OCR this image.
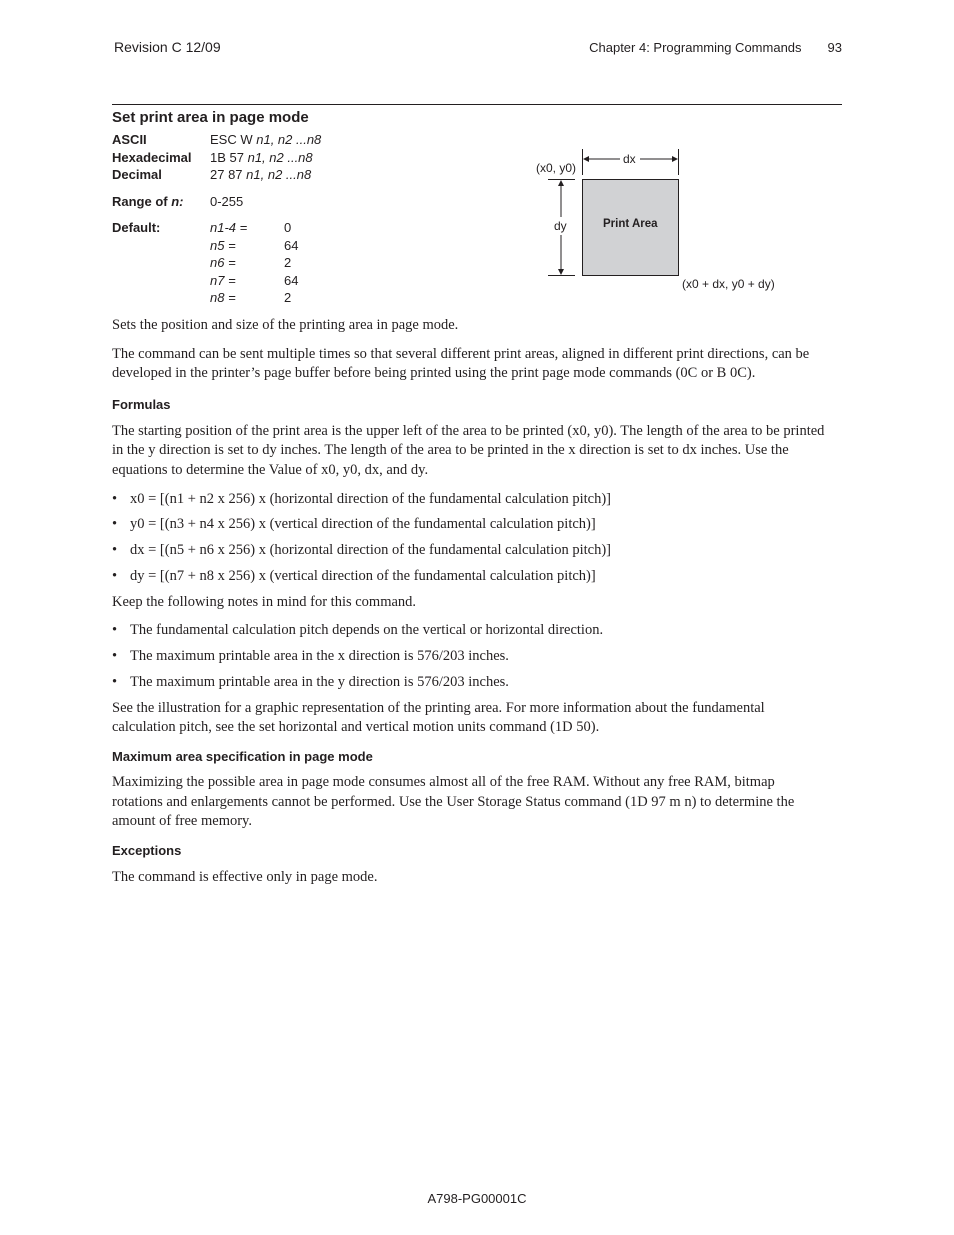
Revision C 12/09	Chapter 4: Programming Commands 93
Set print area in page mode
ASCII	ESC W n1, n2 ...n8
Hexadecimal 1B 57 n1, n2 ...n8
Decimal	27 87 n1, n2 ...n8
Range of n: 0-255
Default:	n1-4 =	0
n5 =	64
n6 =	2
n7 =	64
n8 =	2
(x0, y0)
dx
dy	Print Area
(x0 + dx, y0 + dy)
Sets the position and size of the printing area in page mode.
The command can be sent multiple times so that several different print areas, aligned in different print directions, can be
developed in the printer’s page buffer before being printed using the print page mode commands (0C or B 0C).
Formulas
The starting position of the print area is the upper left of the area to be printed (x0, y0). The length of the area to be printed
in the y direction is set to dy inches. The length of the area to be printed in the x direction is set to dx inches. Use the
equations to determine the Value of x0, y0, dx, and dy.
• x0 = [(n1 + n2 x 256) x (horizontal direction of the fundamental calculation pitch)]
• y0 = [(n3 + n4 x 256) x (vertical direction of the fundamental calculation pitch)]
• dx = [(n5 + n6 x 256) x (horizontal direction of the fundamental calculation pitch)]
• dy = [(n7 + n8 x 256) x (vertical direction of the fundamental calculation pitch)]
Keep the following notes in mind for this command.
• The fundamental calculation pitch depends on the vertical or horizontal direction.
• The maximum printable area in the x direction is 576/203 inches.
• The maximum printable area in the y direction is 576/203 inches.
See the illustration for a graphic representation of the printing area. For more information about the fundamental
calculation pitch, see the set horizontal and vertical motion units command (1D 50).
Maximum area specification in page mode
Maximizing the possible area in page mode consumes almost all of the free RAM. Without any free RAM, bitmap
rotations and enlargements cannot be performed. Use the User Storage Status command (1D 97 m n) to determine the
amount of free memory.
Exceptions
The command is effective only in page mode.
A798-PG00001C
